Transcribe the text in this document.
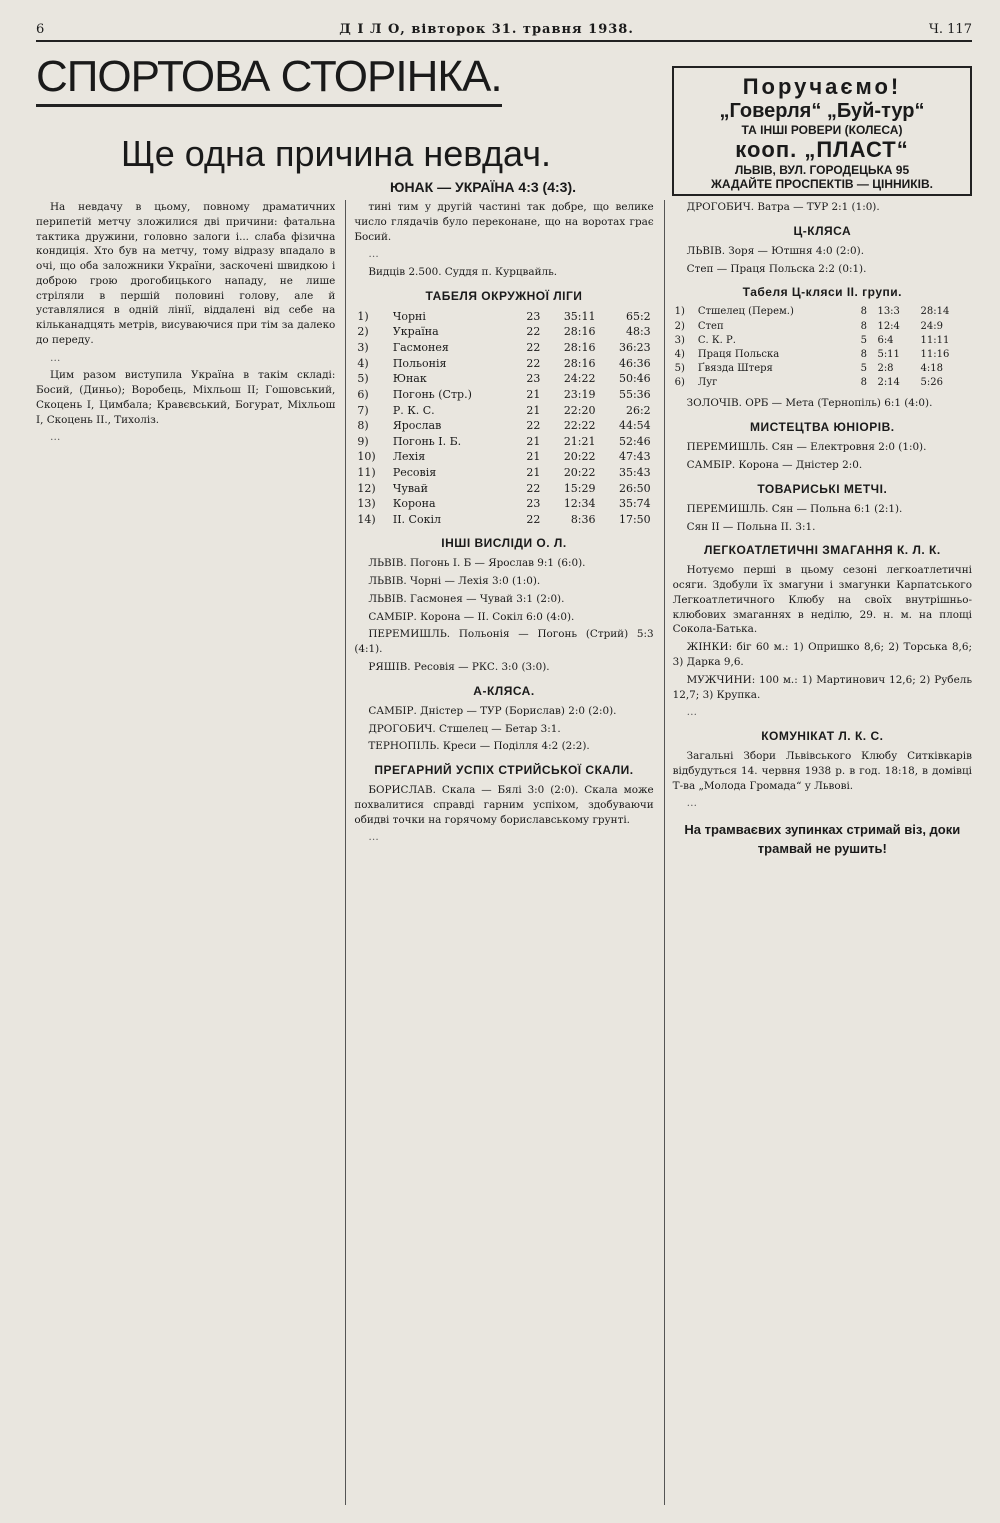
6	Д І Л О, вівторок 31. травня 1938.	Ч. 117
СПОРТОВА СТОРІНКА.	Поручаємо!
„Говерля“ „Буй-тур“
ТА ІНШІ РОВЕРИ (КОЛЕСА)
кооп. „ПЛАСТ“
ЛЬВІВ, ВУЛ. ГОРОДЕЦЬКА 95
ЖАДАЙТЕ ПРОСПЕКТІВ — ЦІННИКІВ.
Ще одна причина невдач.
ЮНАК — УКРАЇНА 4:3 (4:3).

На невдачу в цьому, повному драматичних перипетій метчу зложилися дві причини: фатальна тактика дружини, головно залоги і... слаба фізична кондиція. Хто був на метчу, тому відразу впадало в очі, що оба заложники України, заскочені швидкою і доброю грою дрогобицького нападу, не лише стріляли в першій половині голову, але й уставлялися в одній лінії, віддалені від себе на кільканадцять метрів, висуваючися при тім за далеко до переду.

…

Цим разом виступила Україна в такім складі: Босий, (Диньо); Воробець, Міхльош II; Гошовський, Скоцень I, Цимбала; Кравєвський, Богурат, Міхльош I, Скоцень II., Тихоліз.

…

тині тим у другій частині так добре, що велике число глядачів було переконане, що на воротах грає Босий.

…

Видців 2.500. Суддя п. Курцвайль.

ТАБЕЛЯ ОКРУЖНОЇ ЛІГИ
1)	Чорні	23	35:11	65:2
2)	Україна	22	28:16	48:3
3)	Гасмонея	22	28:16	36:23
4)	Польонія	22	28:16	46:36
5)	Юнак	23	24:22	50:46
6)	Погонь (Стр.)	21	23:19	55:36
7)	Р. К. С.	21	22:20	26:2
8)	Ярослав	22	22:22	44:54
9)	Погонь І. Б.	21	21:21	52:46
10)	Лехія	21	20:22	47:43
11)	Ресовія	21	20:22	35:43
12)	Чувай	22	15:29	26:50
13)	Корона	23	12:34	35:74
14)	II. Сокіл	22	8:36	17:50
ІНШІ ВИСЛІДИ О. Л.

ЛЬВІВ. Погонь І. Б — Ярослав 9:1 (6:0).

ЛЬВІВ. Чорні — Лехія 3:0 (1:0).

ЛЬВІВ. Гасмонея — Чувай 3:1 (2:0).

САМБІР. Корона — II. Сокіл 6:0 (4:0).

ПЕРЕМИШЛЬ. Польонія — Погонь (Стрий) 5:3 (4:1).

РЯШІВ. Ресовія — РКС. 3:0 (3:0).

А-КЛЯСА.

САМБІР. Дністер — ТУР (Борислав) 2:0 (2:0).

ДРОГОБИЧ. Стшелец — Бетар 3:1.

ТЕРНОПІЛЬ. Креси — Поділля 4:2 (2:2).

ПРЕГАРНИЙ УСПІХ СТРИЙСЬКОЇ СКАЛИ.

БОРИСЛАВ. Скала — Бялі 3:0 (2:0). Скала може похвалитися справді гарним успіхом, здобуваючи обидві точки на горячому бориславському грунті.

…

ДРОГОБИЧ. Ватра — ТУР 2:1 (1:0).

Ц-КЛЯСА

ЛЬВІВ. Зоря — Ютшня 4:0 (2:0).

Степ — Праця Польска 2:2 (0:1).

Табеля Ц-кляси II. групи.
1)	Стшелец (Перем.)	8	13:3	28:14
2)	Степ	8	12:4	24:9
3)	С. К. Р.	5	6:4	11:11
4)	Праця Польска	8	5:11	11:16
5)	Ґвязда Штеря	5	2:8	4:18
6)	Луг	8	2:14	5:26

ЗОЛОЧІВ. ОРБ — Мета (Тернопіль) 6:1 (4:0).

МИСТЕЦТВА ЮНІОРІВ.

ПЕРЕМИШЛЬ. Сян — Електровня 2:0 (1:0).

САМБІР. Корона — Дністер 2:0.

ТОВАРИСЬКІ МЕТЧІ.

ПЕРЕМИШЛЬ. Сян — Польна 6:1 (2:1).

Сян II — Польна II. 3:1.

ЛЕГКОАТЛЕТИЧНІ ЗМАГАННЯ К. Л. К.

Нотуємо перші в цьому сезоні легкоатлетичні осяги. Здобули їх змагуни і змагунки Карпатського Легкоатлетичного Клюбу на своїх внутрішньо-клюбових змаганнях в неділю, 29. н. м. на площі Сокола-Батька.

ЖІНКИ: біг 60 м.: 1) Опришко 8,6; 2) Торська 8,6; 3) Дарка 9,6.

МУЖЧИНИ: 100 м.: 1) Мартинович 12,6; 2) Рубель 12,7; 3) Крупка.

…

КОМУНІКАТ Л. К. С.

Загальні Збори Львівського Клюбу Ситківкарів відбудуться 14. червня 1938 р. в год. 18:18, в домівці Т-ва „Молода Громада“ у Львові.

…

На трамваєвих зупинках стримай віз, доки трамвай не рушить!
